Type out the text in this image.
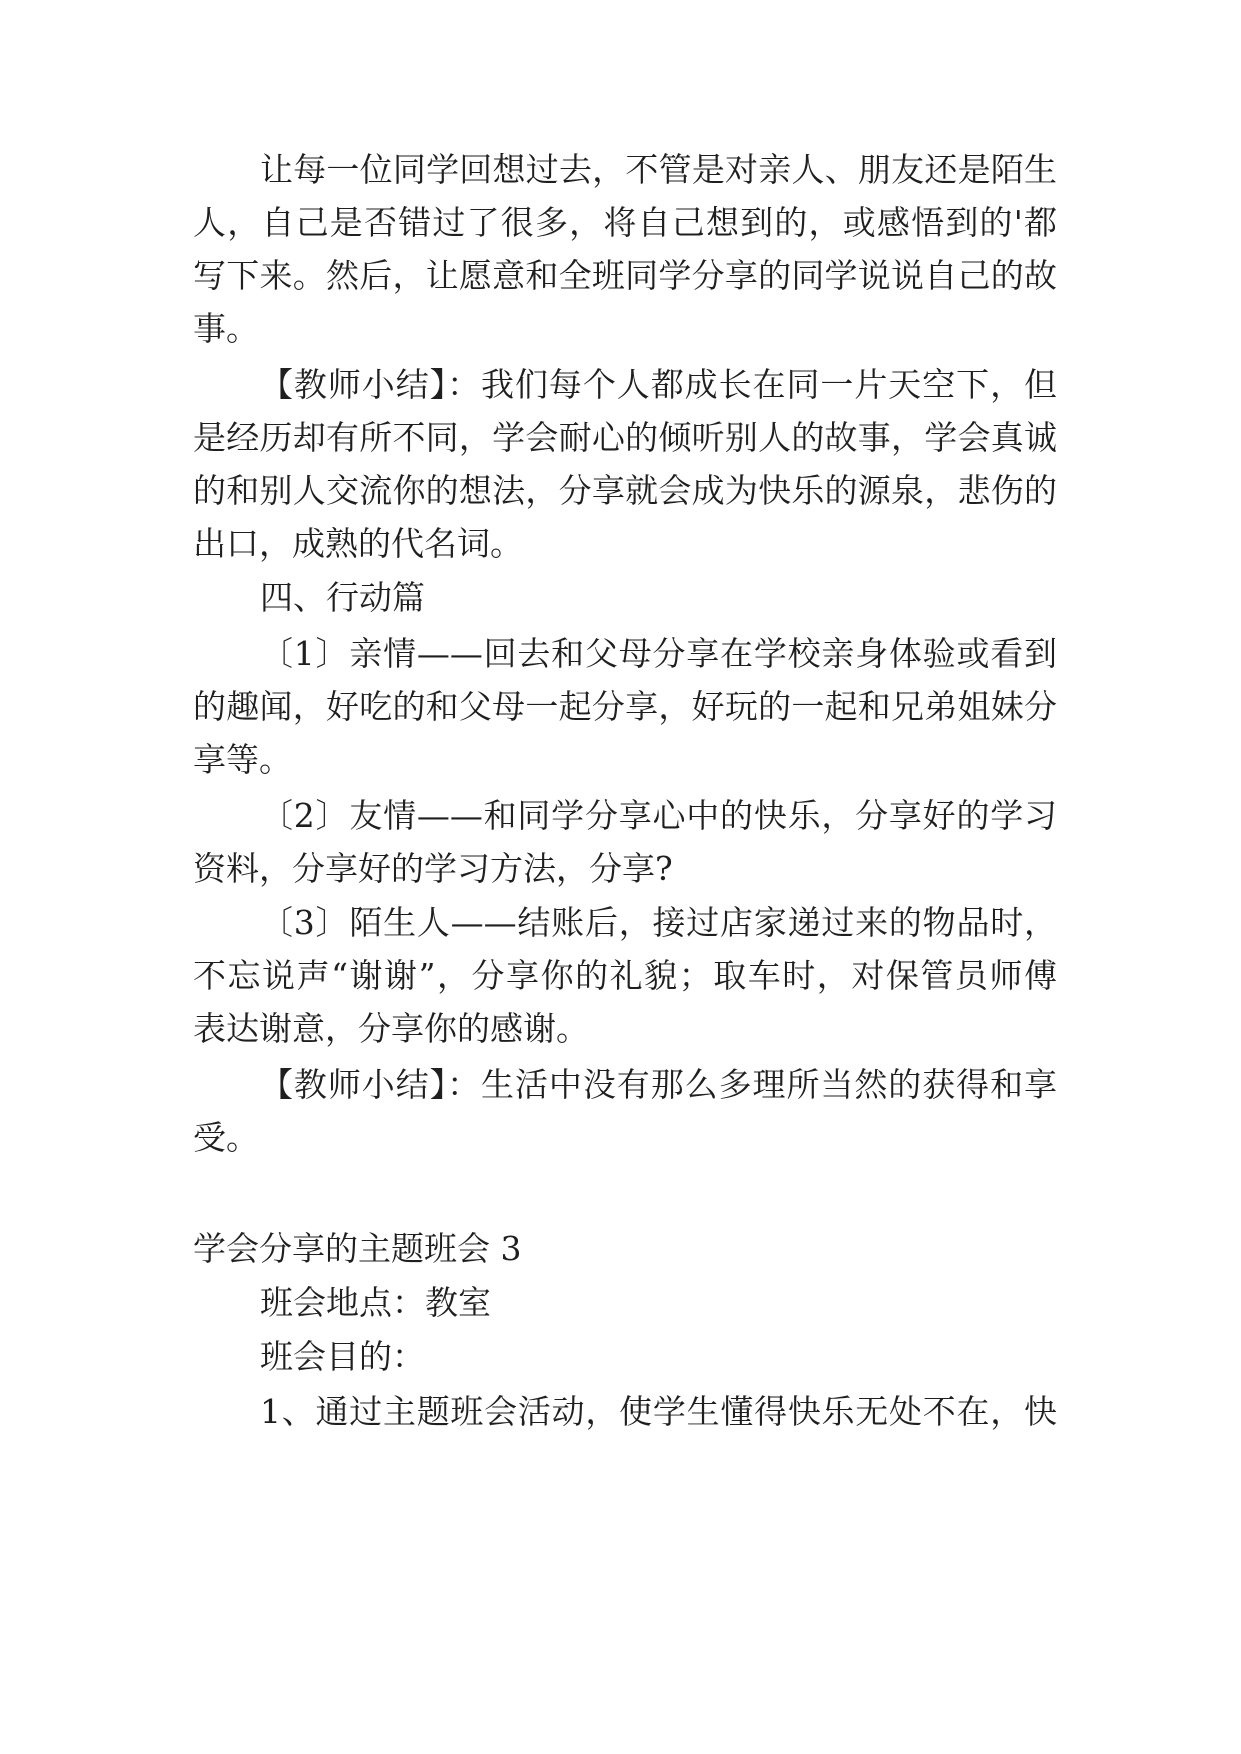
让每一位同学回想过去，不管是对亲人、朋友还是陌生
人，自己是否错过了很多，将自己想到的，或感悟到的'都
写下来。然后，让愿意和全班同学分享的同学说说自己的故
事。
【教师小结】：我们每个人都成长在同一片天空下，但
是经历却有所不同，学会耐心的倾听别人的故事，学会真诚
的和别人交流你的想法，分享就会成为快乐的源泉，悲伤的
出口，成熟的代名词。
四、行动篇
〔1〕亲情——回去和父母分享在学校亲身体验或看到
的趣闻，好吃的和父母一起分享，好玩的一起和兄弟姐妹分
享等。
〔2〕友情——和同学分享心中的快乐，分享好的学习
资料，分享好的学习方法，分享?
〔3〕陌生人——结账后，接过店家递过来的物品时，
不忘说声“谢谢”，分享你的礼貌；取车时，对保管员师傅
表达谢意，分享你的感谢。
【教师小结】：生活中没有那么多理所当然的获得和享
受。
学会分享的主题班会 3
班会地点：教室
班会目的：
1、通过主题班会活动，使学生懂得快乐无处不在，快
